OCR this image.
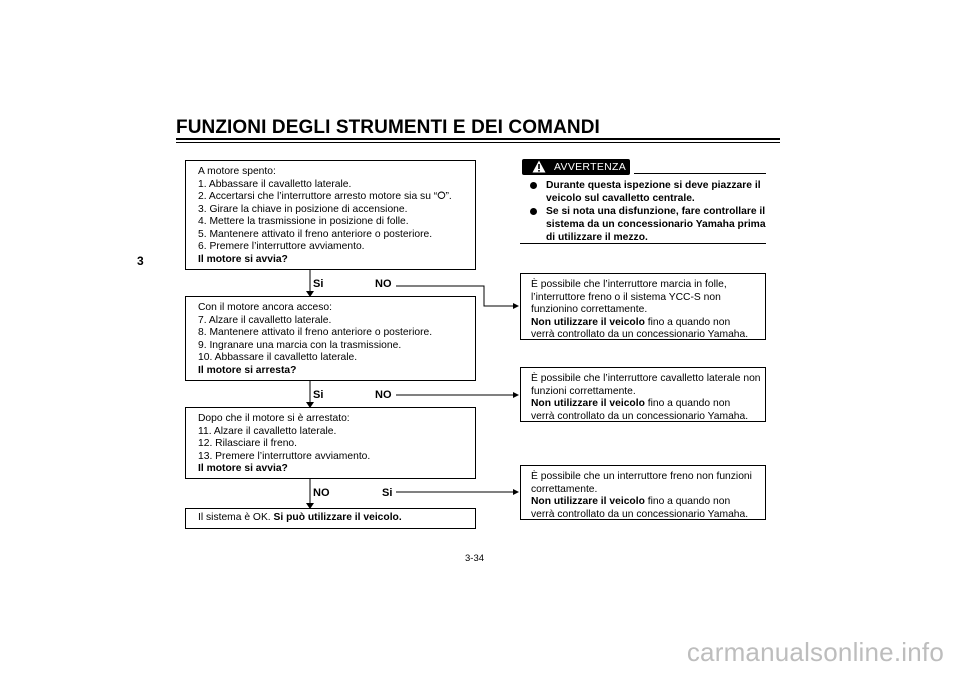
FUNZIONI DEGLI STRUMENTI E DEI COMANDI
3
A motore spento:
1. Abbassare il cavalletto laterale.
2. Accertarsi che l’interruttore arresto motore sia su “⭘”.
3. Girare la chiave in posizione di accensione.
4. Mettere la trasmissione in posizione di folle.
5. Mantenere attivato il freno anteriore o posteriore.
6. Premere l’interruttore avviamento.
Il motore si avvia?
Si	NO
Con il motore ancora acceso:
7. Alzare il cavalletto laterale.
8. Mantenere attivato il freno anteriore o posteriore.
9. Ingranare una marcia con la trasmissione.
10. Abbassare il cavalletto laterale.
Il motore si arresta?
Si	NO
Dopo che il motore si è arrestato:
11. Alzare il cavalletto laterale.
12. Rilasciare il freno.
13. Premere l’interruttore avviamento.
Il motore si avvia?
NO	Si
Il sistema è OK. Si può utilizzare il veicolo.
AVVERTENZA
Durante questa ispezione si deve piazzare il veicolo sul cavalletto centrale.
Se si nota una disfunzione, fare controllare il sistema da un concessionario Yamaha prima di utilizzare il mezzo.
È possibile che l’interruttore marcia in folle,
l’interruttore freno o il sistema YCC-S non
funzionino correttamente.
Non utilizzare il veicolo fino a quando non
verrà controllato da un concessionario Yamaha.
È possibile che l’interruttore cavalletto laterale non
funzioni correttamente.
Non utilizzare il veicolo fino a quando non
verrà controllato da un concessionario Yamaha.
È possibile che un interruttore freno non funzioni
correttamente.
Non utilizzare il veicolo fino a quando non
verrà controllato da un concessionario Yamaha.
3-34
carmanualsonline.info
